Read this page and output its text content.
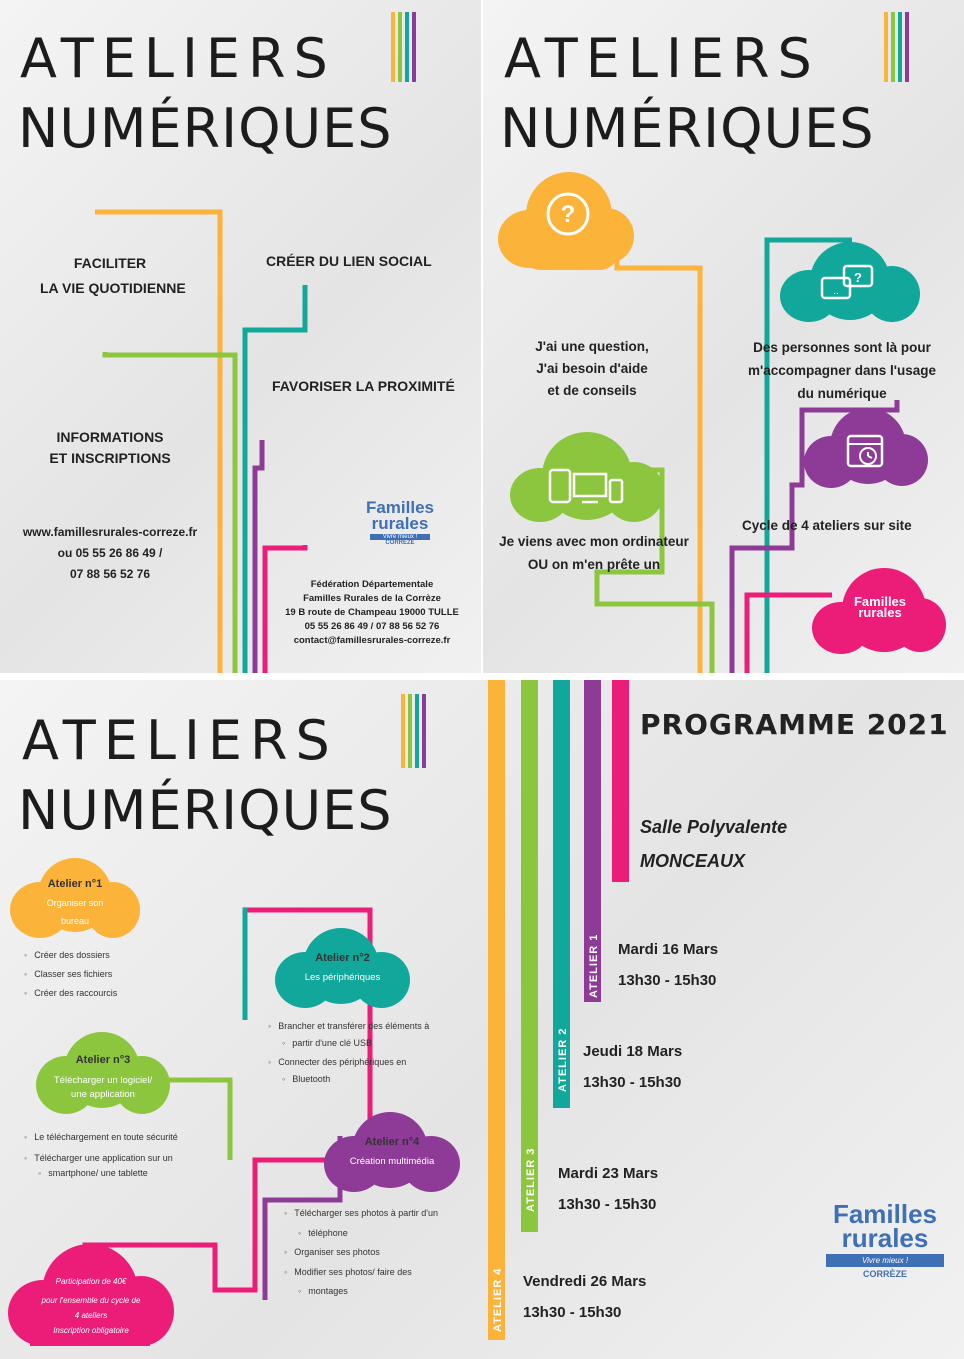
ATELIERS
NUMÉRIQUES
FACILITER
LA VIE QUOTIDIENNE
CRÉER DU LIEN SOCIAL
FAVORISER LA PROXIMITÉ
INFORMATIONS
ET INSCRIPTIONS
www.famillesrurales-correze.fr
ou 05 55 26 86 49 /
07 88 56 52 76
Familles
rurales
Vivre mieux !
CORRÈZE
Fédération Départementale
Familles Rurales de la Corrèze
19 B route de Champeau 19000 TULLE
05 55 26 86 49 / 07 88 56 52 76
contact@famillesrurales-correze.fr
ATELIERS
NUMÉRIQUES
?
J'ai une question,
J'ai besoin d'aide
et de conseils
?
..
Des personnes sont là pour
m'accompagner dans l'usage
du numérique
Je viens avec mon ordinateur
OU on m'en prête un
Cycle de 4 ateliers sur site
Familles
rurales
ATELIERS
NUMÉRIQUES
ATELIER 4
ATELIER 3
ATELIER 2
ATELIER 1
PROGRAMME 2021
Salle Polyvalente
MONCEAUX
Mardi 16 Mars
13h30 - 15h30
Jeudi 18 Mars
13h30 - 15h30
Mardi 23 Mars
13h30 - 15h30
Vendredi 26 Mars
13h30 - 15h30
Atelier n°1
Organiser son
bureau
◦ Créer des dossiers
◦ Classer ses fichiers
◦ Créer des raccourcis
Atelier n°3
Télécharger un logiciel/
une application
◦ Le téléchargement en toute sécurité
◦ Télécharger une application sur un
◦ smartphone/ une tablette
Atelier n°2
Les périphériques
◦ Brancher et transférer des éléments à
◦ partir d'une clé USB
◦ Connecter des périphériques en
◦ Bluetooth
Atelier n°4
Création multimédia
◦ Télécharger ses photos à partir d'un
◦ téléphone
◦ Organiser ses photos
◦ Modifier ses photos/ faire des
◦ montages
Participation de 40€
pour l'ensemble du cycle de
4 ateliers
Inscription obligatoire
Familles
rurales
Vivre mieux !
CORRÈZE
